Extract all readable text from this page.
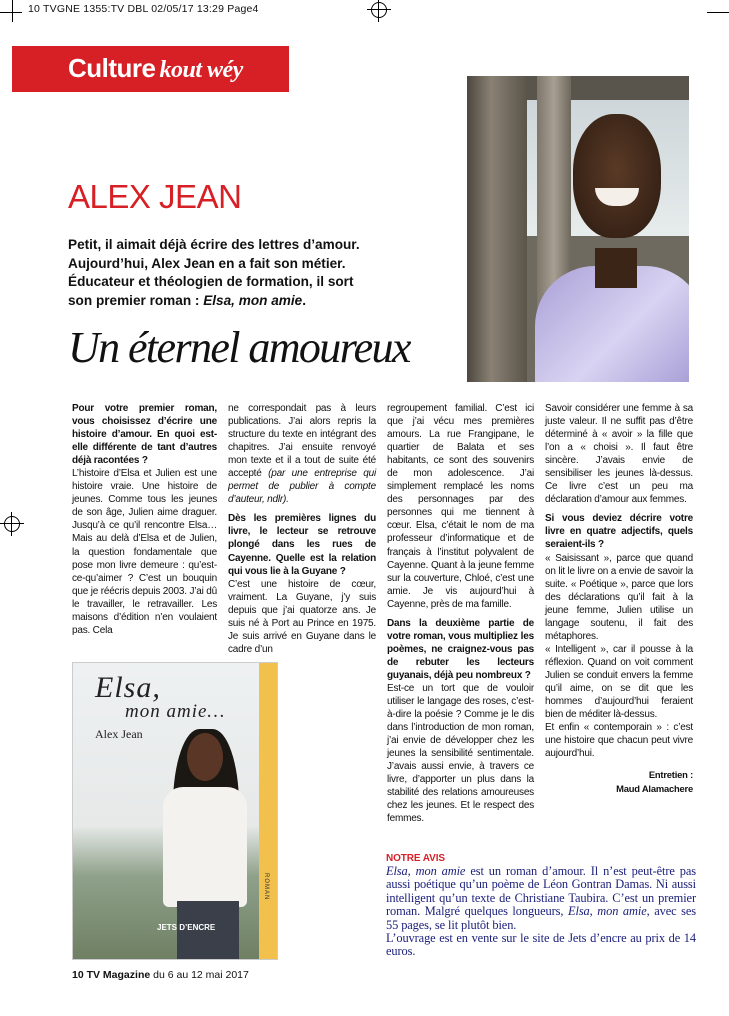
10 TVGNE 1355:TV DBL 02/05/17 13:29 Page4
Culture kout wéy
ALEX JEAN
Petit, il aimait déjà écrire des lettres d’amour.
Aujourd’hui, Alex Jean en a fait son métier.
Éducateur et théologien de formation, il sort
son premier roman : Elsa, mon amie.
Un éternel amoureux

Pour votre premier roman, vous choisissez d’écrire une histoire d’amour. En quoi est-elle différente de tant d’autres déjà racontées ?

L’histoire d’Elsa et Julien est une histoire vraie. Une histoire de jeunes. Comme tous les jeunes de son âge, Julien aime draguer. Jusqu’à ce qu’il rencontre Elsa… Mais au delà d’Elsa et de Julien, la question fondamentale que pose mon livre demeure : qu’est-ce-qu’aimer ? C’est un bouquin que je réécris depuis 2003. J’ai dû le travailler, le retravailler. Les maisons d’édition n’en voulaient pas. Cela

ne correspondait pas à leurs publications. J’ai alors repris la structure du texte en intégrant des chapitres. J’ai ensuite renvoyé mon texte et il a tout de suite été accepté (par une entreprise qui permet de publier à compte d’auteur, ndlr).

Dès les premières lignes du livre, le lecteur se retrouve plongé dans les rues de Cayenne. Quelle est la relation qui vous lie à la Guyane ?

C’est une histoire de cœur, vraiment. La Guyane, j’y suis depuis que j’ai quatorze ans. Je suis né à Port au Prince en 1975. Je suis arrivé en Guyane dans le cadre d’un

regroupement familial. C’est ici que j’ai vécu mes premières amours. La rue Frangipane, le quartier de Balata et ses habitants, ce sont des souvenirs de mon adolescence. J’ai simplement remplacé les noms des personnages par des personnes qui me tiennent à cœur. Elsa, c’était le nom de ma professeur d’informatique et de français à l’institut polyvalent de Cayenne. Quant à la jeune femme sur la couverture, Chloé, c’est une amie. Je vis aujourd’hui à Cayenne, près de ma famille.

Dans la deuxième partie de votre roman, vous multipliez les poèmes, ne craignez-vous pas de rebuter les lecteurs guyanais, déjà peu nombreux ?

Est-ce un tort que de vouloir utiliser le langage des roses, c’est-à-dire la poésie ? Comme je le dis dans l’introduction de mon roman, j’ai envie de développer chez les jeunes la sensibilité sentimentale. J’avais aussi envie, à travers ce livre, d’apporter un plus dans la stabilité des relations amoureuses chez les jeunes. Et le respect des femmes.

Savoir considérer une femme à sa juste valeur. Il ne suffit pas d’être déterminé à « avoir » la fille que l’on a « choisi ». Il faut être sincère. J’avais envie de sensibiliser les jeunes là-dessus. Ce livre c’est un peu ma déclaration d’amour aux femmes.

Si vous deviez décrire votre livre en quatre adjectifs, quels seraient-ils ?

« Saisissant », parce que quand on lit le livre on a envie de savoir la suite. « Poétique », parce que lors des déclarations qu’il fait à la jeune femme, Julien utilise un langage soutenu, il fait des métaphores.

« Intelligent », car il pousse à la réflexion. Quand on voit comment Julien se conduit envers la femme qu’il aime, on se dit que les hommes d’aujourd’hui feraient bien de méditer là-dessus.

Et enfin « contemporain » : c’est une histoire que chacun peut vivre aujourd’hui.

Entretien :
Maud Alamachere
Elsa,
mon amie…
Alex Jean
JETS D’ENCRE
ROMAN
NOTRE AVIS
Elsa, mon amie est un roman d’amour. Il n’est peut-être pas aussi poétique qu’un poème de Léon Gontran Damas. Ni aussi intelligent qu’un texte de Christiane Taubira. C’est un premier roman. Malgré quelques longueurs, Elsa, mon amie, avec ses 55 pages, se lit plutôt bien.
L’ouvrage est en vente sur le site de Jets d’encre au prix de 14 euros.
10 TV Magazine du 6 au 12 mai 2017
